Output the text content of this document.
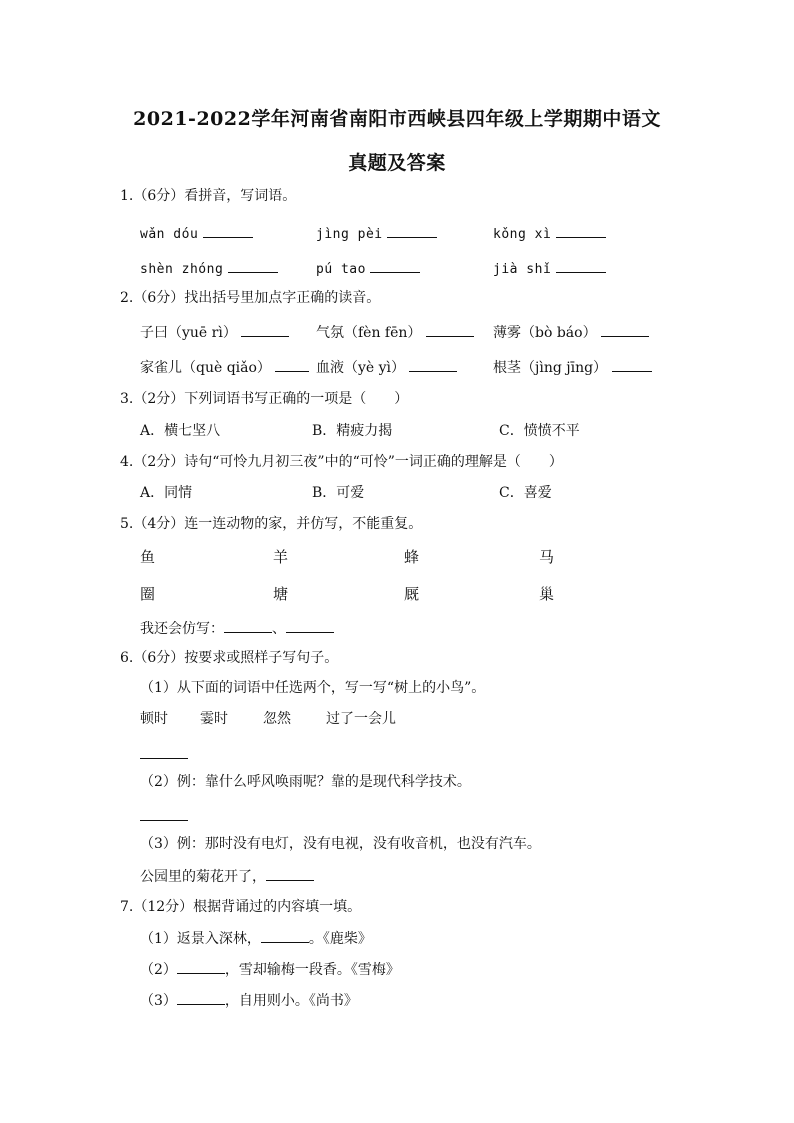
2021-2022学年河南省南阳市西峡县四年级上学期期中语文
真题及答案
1.（6分）看拼音，写词语。
wǎn dóu	jìng pèi	kǒng xì
shèn zhóng	pú tao	jià shǐ
2.（6分）找出括号里加点字正确的读音。
子曰（yuē rì）	气氛（fèn fēn）	薄雾（bò báo）
家雀儿（què qiǎo）	血液（yè yì）	根茎（jìng jīng）
3.（2分）下列词语书写正确的一项是（　　）
A．横七坚八	B．精疲力揭	C．愤愤不平
4.（2分）诗句“可怜九月初三夜”中的“可怜”一词正确的理解是（　　）
A．同情	B．可爱	C．喜爱
5.（4分）连一连动物的家，并仿写，不能重复。
鱼	羊	蜂	马
圈	塘	厩	巢
我还会仿写：	、
6.（6分）按要求或照样子写句子。
（1）从下面的词语中任选两个，写一写“树上的小鸟”。
顿时 霎时	忽然	过了一会儿
（2）例：靠什么呼风唤雨呢？靠的是现代科学技术。
（3）例：那时没有电灯，没有电视，没有收音机，也没有汽车。
公园里的菊花开了，
7.（12分）根据背诵过的内容填一填。
（1）返景入深林，	。《鹿柴》
（2）	，雪却输梅一段香。《雪梅》
（3）	，自用则小。《尚书》
